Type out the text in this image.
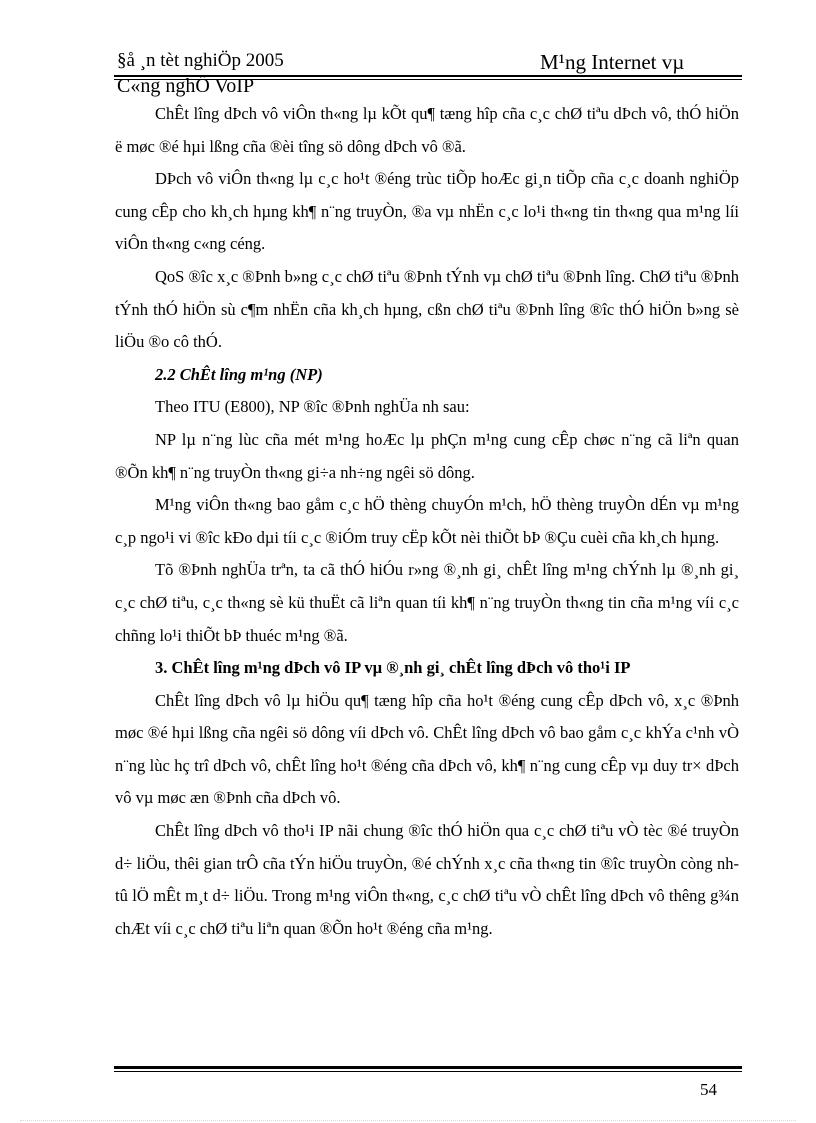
§å ¸n tèt nghiÖp 2005	M¹ng Internet vµ
C«ng nghÖ VoIP

ChÊt lîng dÞch vô viÔn th«ng lµ kÕt qu¶ tæng hîp cña c¸c chØ tiªu dÞch vô, thÓ hiÖn ë møc ®é hµi lßng cña ®èi tîng sö dông dÞch vô ®ã.

DÞch vô viÔn th«ng lµ c¸c ho¹t ®éng trùc tiÕp hoÆc gi¸n tiÕp cña c¸c doanh nghiÖp cung cÊp cho kh¸ch hµng kh¶ n¨ng truyÒn, ®a vµ nhËn c¸c lo¹i th«ng tin th«ng qua m¹ng líi viÔn th«ng c«ng céng.

QoS ®îc x¸c ®Þnh b»ng c¸c chØ tiªu ®Þnh tÝnh vµ chØ tiªu ®Þnh lîng. ChØ tiªu ®Þnh tÝnh thÓ hiÖn sù c¶m nhËn cña kh¸ch hµng, cßn chØ tiªu ®Þnh lîng ®îc thÓ hiÖn b»ng sè liÖu ®o cô thÓ.

2.2 ChÊt lîng m¹ng (NP)

Theo ITU (E800), NP ®îc ®Þnh nghÜa nh sau:

NP lµ n¨ng lùc cña mét m¹ng hoÆc lµ phÇn m¹ng cung cÊp chøc n¨ng cã liªn quan ®Õn kh¶ n¨ng truyÒn th«ng gi÷a nh÷ng ngêi sö dông.

M¹ng viÔn th«ng bao gåm c¸c hÖ thèng chuyÓn m¹ch, hÖ thèng truyÒn dÉn vµ m¹ng c¸p ngo¹i vi ®îc kÐo dµi tíi c¸c ®iÓm truy cËp kÕt nèi thiÕt bÞ ®Çu cuèi cña kh¸ch hµng.

Tõ ®Þnh nghÜa trªn, ta cã thÓ hiÓu r»ng ®¸nh gi¸ chÊt lîng m¹ng chÝnh lµ ®¸nh gi¸ c¸c chØ tiªu, c¸c th«ng sè kü thuËt cã liªn quan tíi kh¶ n¨ng truyÒn th«ng tin cña m¹ng víi c¸c chñng lo¹i thiÕt bÞ thuéc m¹ng ®ã.

3. ChÊt lîng m¹ng dÞch vô IP vµ ®¸nh gi¸ chÊt lîng dÞch vô tho¹i IP

ChÊt lîng dÞch vô lµ hiÖu qu¶ tæng hîp cña ho¹t ®éng cung cÊp dÞch vô, x¸c ®Þnh møc ®é hµi lßng cña ngêi sö dông víi dÞch vô. ChÊt lîng dÞch vô bao gåm c¸c khÝa c¹nh vÒ n¨ng lùc hç trî dÞch vô, chÊt lîng ho¹t ®éng cña dÞch vô, kh¶ n¨ng cung cÊp vµ duy tr× dÞch vô vµ møc æn ®Þnh cña dÞch vô.

ChÊt lîng dÞch vô tho¹i IP nãi chung ®îc thÓ hiÖn qua c¸c chØ tiªu vÒ tèc ®é truyÒn d÷ liÖu, thêi gian trÔ cña tÝn hiÖu truyÒn, ®é chÝnh x¸c cña th«ng tin ®îc truyÒn còng nh tû lÖ mÊt m¸t d÷ liÖu. Trong m¹ng viÔn th«ng, c¸c chØ tiªu vÒ chÊt lîng dÞch vô thêng g¾n chÆt víi c¸c chØ tiªu liªn quan ®Õn ho¹t ®éng cña m¹ng.

54
